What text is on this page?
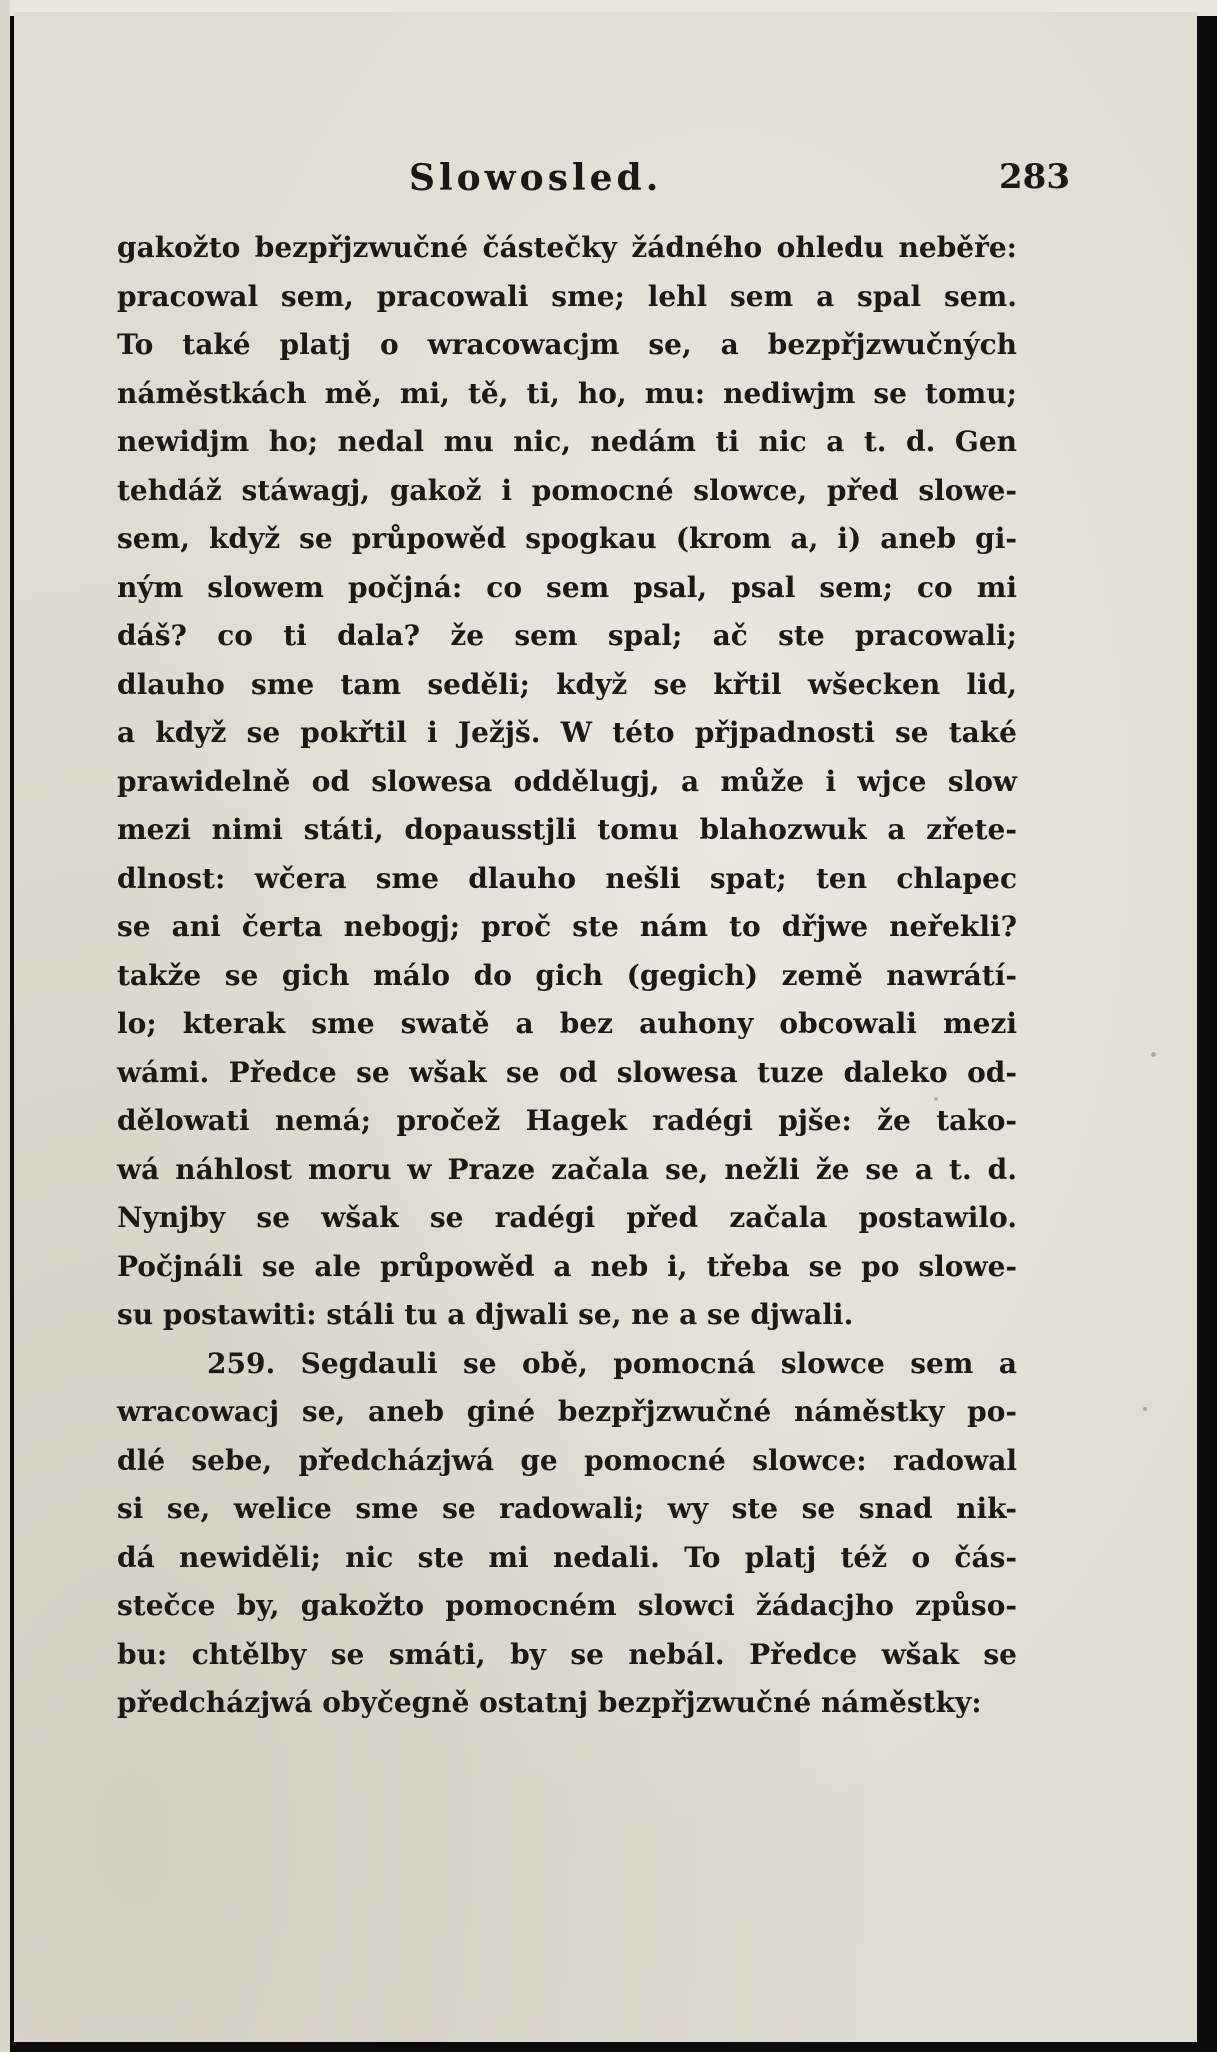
Slowosled.	283
gakožto bezpřjzwučné částečky žádného ohledu neběře:
pracowal sem, pracowali sme; lehl sem a spal sem.
To také platj o wracowacjm se, a bezpřjzwučných
náměstkách mě, mi, tě, ti, ho, mu: nediwjm se tomu;
newidjm ho; nedal mu nic, nedám ti nic a t. d. Gen
tehdáž stáwagj, gakož i pomocné slowce, před slowe-
sem, když se průpowěd spogkau (krom a, i) aneb gi-
ným slowem počjná: co sem psal, psal sem; co mi
dáš? co ti dala? že sem spal; ač ste pracowali;
dlauho sme tam seděli; když se křtil wšecken lid,
a když se pokřtil i Ježjš. W této přjpadnosti se také
prawidelně od slowesa oddělugj, a může i wjce slow
mezi nimi státi, dopausstjli tomu blahozwuk a zřete-
dlnost: wčera sme dlauho nešli spat; ten chlapec
se ani čerta nebogj; proč ste nám to dřjwe neřekli?
takže se gich málo do gich (gegich) země nawrátí-
lo; kterak sme swatě a bez auhony obcowali mezi
wámi. Předce se wšak se od slowesa tuze daleko od-
dělowati nemá; pročež Hagek radégi pjše: že tako-
wá náhlost moru w Praze začala se, nežli že se a t. d.
Nynjby se wšak se radégi před začala postawilo.
Počjnáli se ale průpowěd a neb i, třeba se po slowe-
su postawiti: stáli tu a djwali se, ne a se djwali.
259. Segdauli se obě, pomocná slowce sem a
wracowacj se, aneb giné bezpřjzwučné náměstky po-
dlé sebe, předcházjwá ge pomocné slowce: radowal
si se, welice sme se radowali; wy ste se snad nik-
dá newiděli; nic ste mi nedali. To platj též o čás-
stečce by, gakožto pomocném slowci žádacjho způso-
bu: chtělby se smáti, by se nebál. Předce wšak se
předcházjwá obyčegně ostatnj bezpřjzwučné náměstky:
